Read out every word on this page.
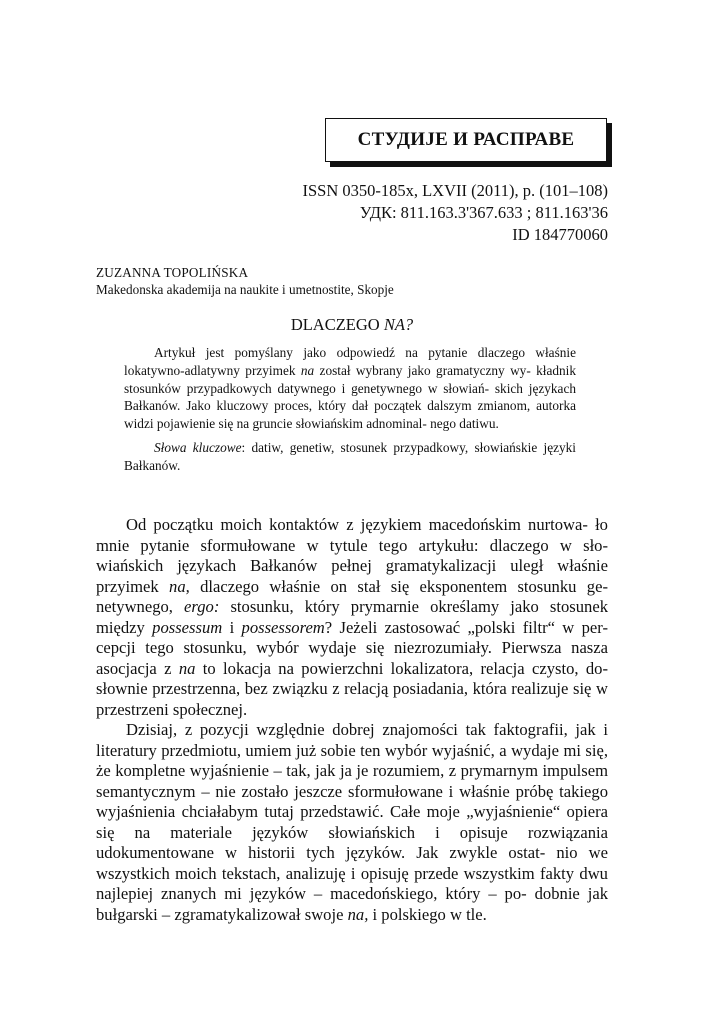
СТУДИЈЕ И РАСПРАВЕ
ISSN 0350-185x, LXVII (2011), p. (101–108)
УДК: 811.163.3'367.633 ; 811.163'36
ID 184770060
ZUZANNA TOPOLIŃSKA
Makedonska akademija na naukite i umetnostite, Skopje
DLACZEGO NA?

Artykuł jest pomyślany jako odpowiedź na pytanie dlaczego właśnie lokatywno-adlatywny przyimek na został wybrany jako gramatyczny wy- kładnik stosunków przypadkowych datywnego i genetywnego w słowiań- skich językach Bałkanów. Jako kluczowy proces, który dał początek dalszym zmianom, autorka widzi pojawienie się na gruncie słowiańskim adnominal- nego datiwu.

Słowa kluczowe: datiw, genetiw, stosunek przypadkowy, słowiańskie języki Bałkanów.

Od początku moich kontaktów z językiem macedońskim nurtowa- ło mnie pytanie sformułowane w tytule tego artykułu: dlaczego w sło- wiańskich językach Bałkanów pełnej gramatykalizacji uległ właśnie przyimek na, dlaczego właśnie on stał się eksponentem stosunku ge- netywnego, ergo: stosunku, który prymarnie określamy jako stosunek między possessum i possessorem? Jeżeli zastosować „polski filtr“ w per- cepcji tego stosunku, wybór wydaje się niezrozumiały. Pierwsza nasza asocjacja z na to lokacja na powierzchni lokalizatora, relacja czysto, do- słownie przestrzenna, bez związku z relacją posiadania, która realizuje się w przestrzeni społecznej.

Dzisiaj, z pozycji względnie dobrej znajomości tak faktografii, jak i literatury przedmiotu, umiem już sobie ten wybór wyjaśnić, a wydaje mi się, że kompletne wyjaśnienie – tak, jak ja je rozumiem, z prymarnym impulsem semantycznym – nie zostało jeszcze sformułowane i właśnie próbę takiego wyjaśnienia chciałabym tutaj przedstawić. Całe moje „wyjaśnienie“ opiera się na materiale języków słowiańskich i opisuje rozwiązania udokumentowane w historii tych języków. Jak zwykle ostat- nio we wszystkich moich tekstach, analizuję i opisuję przede wszystkim fakty dwu najlepiej znanych mi języków – macedońskiego, który – po- dobnie jak bułgarski – zgramatykalizował swoje na, i polskiego w tle.
